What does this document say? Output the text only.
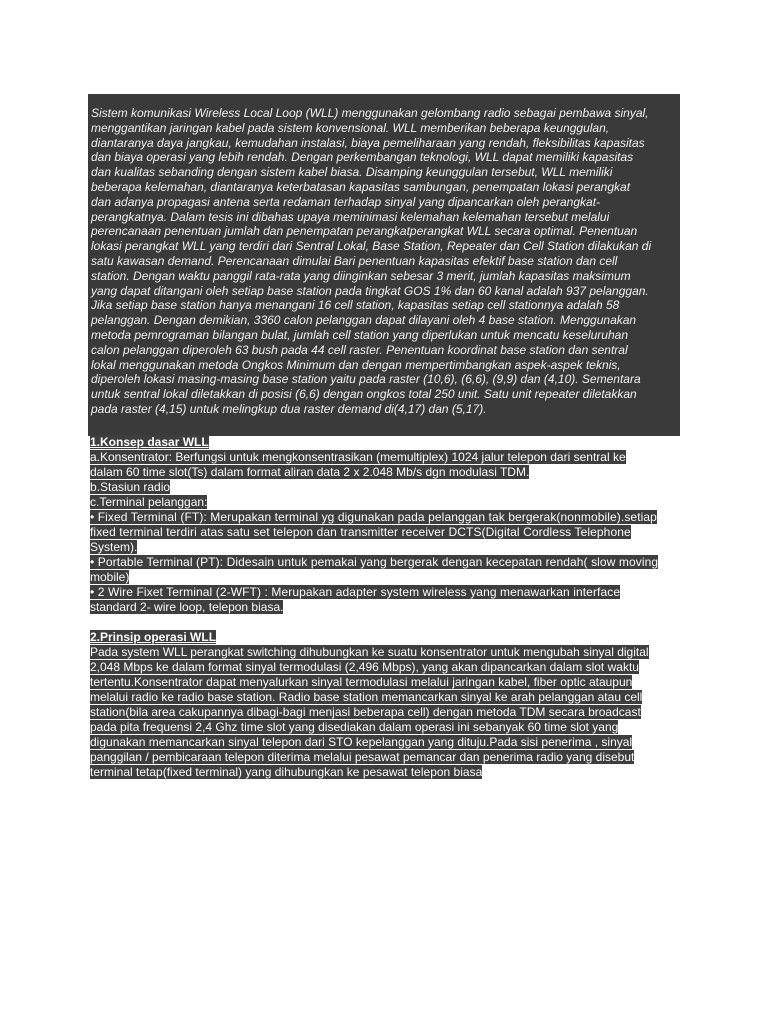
Sistem komunikasi Wireless Local Loop (WLL) menggunakan gelombang radio sebagai pembawa sinyal,
menggantikan jaringan kabel pada sistem konvensional. WLL memberikan beberapa keunggulan,
diantaranya daya jangkau, kemudahan instalasi, biaya pemeliharaan yang rendah, fleksibilitas kapasitas
dan biaya operasi yang lebih rendah. Dengan perkembangan teknologi, WLL dapat memiliki kapasitas
dan kualitas sebanding dengan sistem kabel biasa. Disamping keunggulan tersebut, WLL memiliki
beberapa kelemahan, diantaranya keterbatasan kapasitas sambungan, penempatan lokasi perangkat
dan adanya propagasi antena serta redaman terhadap sinyal yang dipancarkan oleh perangkat-
perangkatnya. Dalam tesis ini dibahas upaya meminimasi kelemahan kelemahan tersebut melalui
perencanaan penentuan jumlah dan penempatan perangkatperangkat WLL secara optimal. Penentuan
lokasi perangkat WLL yang terdiri dari Sentral Lokal, Base Station, Repeater dan Cell Station dilakukan di
satu kawasan demand. Perencanaan dimulai Bari penentuan kapasitas efektif base station dan cell
station. Dengan waktu panggil rata-rata yang diinginkan sebesar 3 merit, jumlah kapasitas maksimum
yang dapat ditangani oleh setiap base station pada tingkat GOS 1% dan 60 kanal adalah 937 pelanggan.
Jika setiap base station hanya menangani 16 cell station, kapasitas setiap cell stationnya adalah 58
pelanggan. Dengan demikian, 3360 calon pelanggan dapat dilayani oleh 4 base station. Menggunakan
metoda pemrograman bilangan bulat, jumlah cell station yang diperlukan untuk mencatu keseluruhan
calon pelanggan diperoleh 63 bush pada 44 cell raster. Penentuan koordinat base station dan sentral
lokal menggunakan metoda Ongkos Minimum dan dengan mempertimbangkan aspek-aspek teknis,
diperoleh lokasi masing-masing base station yaitu pada raster (10,6), (6,6), (9,9) dan (4,10). Sementara
untuk sentral lokal diletakkan di posisi (6,6) dengan ongkos total 250 unit. Satu unit repeater diletakkan
pada raster (4,15) untuk melingkup dua raster demand di(4,17) dan (5,17).
1.Konsep dasar WLL
a.Konsentrator: Berfungsi untuk mengkonsentrasikan (memultiplex) 1024 jalur telepon dari sentral ke
dalam 60 time slot(Ts) dalam format aliran data 2 x 2.048 Mb/s dgn modulasi TDM.
b.Stasiun radio
c.Terminal pelanggan:
• Fixed Terminal (FT): Merupakan terminal yg digunakan pada pelanggan tak bergerak(nonmobile).setiap
fixed terminal terdiri atas satu set telepon dan transmitter receiver DCTS(Digital Cordless Telephone
System).
• Portable Terminal (PT): Didesain untuk pemakai yang bergerak dengan kecepatan rendah( slow moving
mobile)
• 2 Wire Fixet Terminal (2-WFT) : Merupakan adapter system wireless yang menawarkan interface
standard 2- wire loop, telepon biasa.
2.Prinsip operasi WLL
Pada system WLL perangkat switching dihubungkan ke suatu konsentrator untuk mengubah sinyal digital
2,048 Mbps ke dalam format sinyal termodulasi (2,496 Mbps), yang akan dipancarkan dalam slot waktu
tertentu.Konsentrator dapat menyalurkan sinyal termodulasi melalui jaringan kabel, fiber optic ataupun
melalui radio ke radio base station. Radio base station memancarkan sinyal ke arah pelanggan atau cell
station(bila area cakupannya dibagi-bagi menjasi beberapa cell) dengan metoda TDM secara broadcast
pada pita frequensi 2,4 Ghz time slot yang disediakan dalam operasi ini sebanyak 60 time slot yang
digunakan memancarkan sinyal telepon dari STO kepelanggan yang dituju.Pada sisi penerima , sinyal
panggilan / pembicaraan telepon diterima melalui pesawat pemancar dan penerima radio yang disebut
terminal tetap(fixed terminal) yang dihubungkan ke pesawat telepon biasa
